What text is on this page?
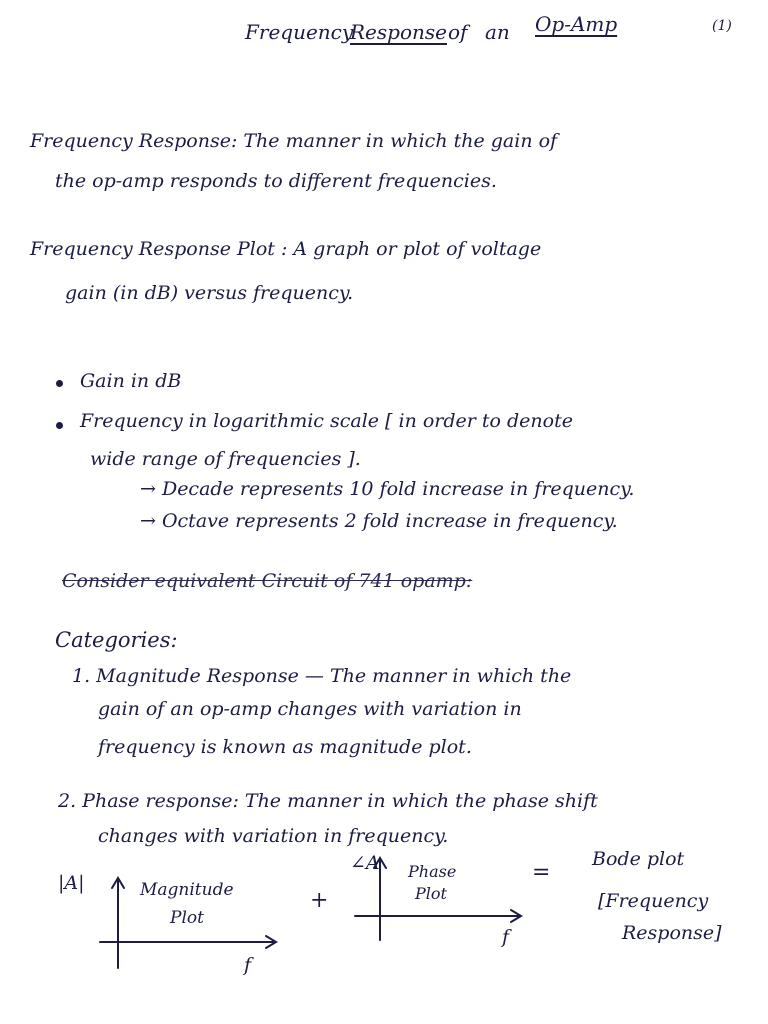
Frequency
Response of an Op-Amp	(1)
Frequency Response: The manner in which the gain of
the op-amp responds to different frequencies.
Frequency Response Plot : A graph or plot of voltage
gain (in dB) versus frequency.
Gain in dB
Frequency in logarithmic scale [ in order to denote
wide range of frequencies ].
→ Decade represents 10 fold increase in frequency.
→ Octave represents 2 fold increase in frequency.
Consider equivalent Circuit of 741 opamp:
Categories:
1. Magnitude Response — The manner in which the
gain of an op-amp changes with variation in
frequency is known as magnitude plot.
2. Phase response: The manner in which the phase shift
changes with variation in frequency.
|A|	Magnitude
Plot
f
+
∠A Phase
Plot
f
=
Bode plot
[Frequency
Response]
